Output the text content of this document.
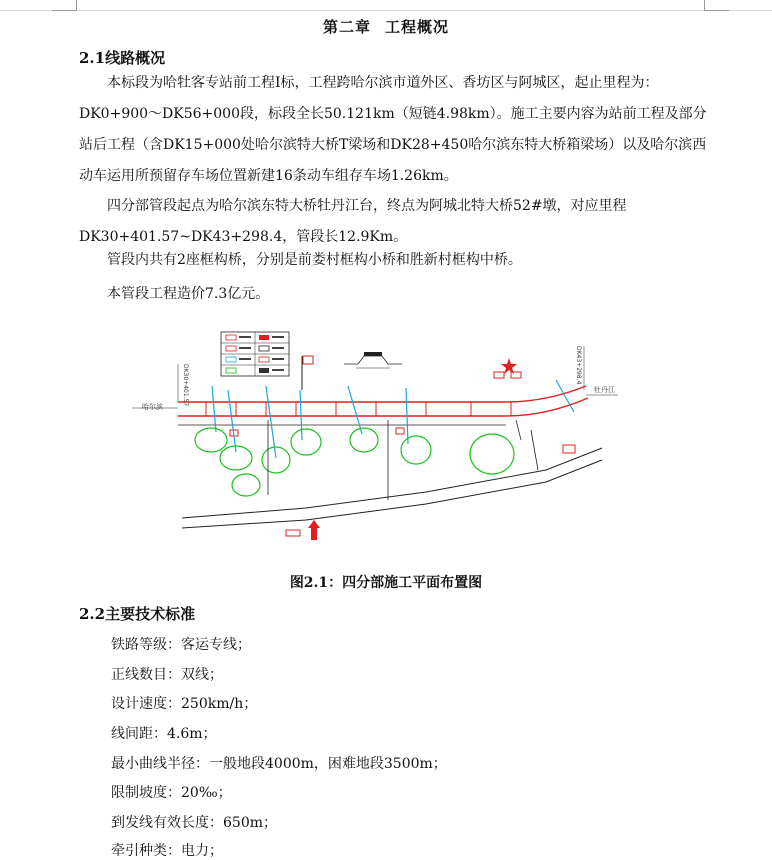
第二章 工程概况
2.1线路概况
本标段为哈牡客专站前工程Ⅰ标，工程跨哈尔滨市道外区、香坊区与阿城区，起止里程为：DK0+900～DK56+000段，标段全长50.121km（短链4.98km）。施工主要内容为站前工程及部分站后工程（含DK15+000处哈尔滨特大桥T梁场和DK28+450哈尔滨东特大桥箱梁场）以及哈尔滨西动车运用所预留存车场位置新建16条动车组存车场1.26km。
四分部管段起点为哈尔滨东特大桥牡丹江台，终点为阿城北特大桥52#墩，对应里程DK30+401.57~DK43+298.4，管段长12.9Km。
管段内共有2座框构桥，分别是前娄村框构小桥和胜新村框构中桥。
本管段工程造价7.3亿元。
DK30+401.57	DK43+298.4
哈尔滨
牡丹江
图2.1：四分部施工平面布置图
2.2主要技术标准
铁路等级：客运专线；
正线数目：双线；
设计速度：250km/h；
线间距：4.6m；
最小曲线半径：一般地段4000m，困难地段3500m；
限制坡度：20‰；
到发线有效长度：650m；
牵引种类：电力；
